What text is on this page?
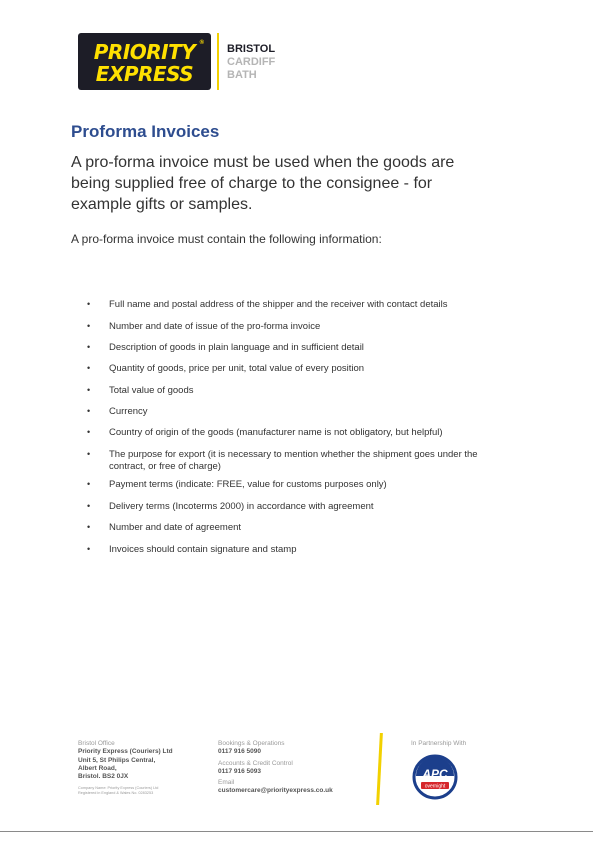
PRIORITY
EXPRESS
® BRISTOL
CARDIFF
BATH
Proforma Invoices

A pro-forma invoice must be used when the goods are being supplied free of charge to the consignee - for example gifts or samples.

A pro-forma invoice must contain the following information:

• Full name and postal address of the shipper and the receiver with contact details
• Number and date of issue of the pro-forma invoice
• Description of goods in plain language and in sufficient detail
• Quantity of goods, price per unit, total value of every position
• Total value of goods
• Currency
• Country of origin of the goods (manufacturer name is not obligatory, but helpful)
• The purpose for export (it is necessary to mention whether the shipment goes under the contract, or free of charge)
• Payment terms (indicate: FREE, value for customs purposes only)
• Delivery terms (Incoterms 2000) in accordance with agreement
• Number and date of agreement
• Invoices should contain signature and stamp
Bristol Office
Priority Express (Couriers) Ltd
Unit 5, St Philips Central,
Albert Road,
Bristol. BS2 0JX
Company Name: Priority Express (Couriers) Ltd
Registered in England & Wales No. 0283253
Bookings & Operations
0117 916 5090
Accounts & Credit Control
0117 916 5093
Email
customercare@priorityexpress.co.uk
In Partnership With
APC
overnight
